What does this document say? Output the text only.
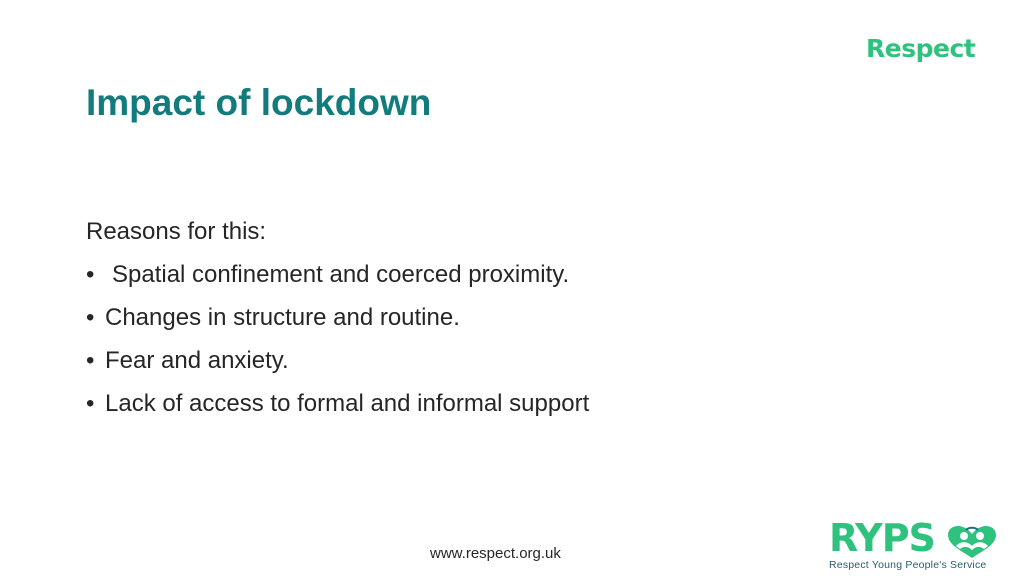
Respect
Impact of lockdown
Reasons for this:
• Spatial confinement and coerced proximity.
• Changes in structure and routine.
• Fear and anxiety.
• Lack of access to formal and informal support
www.respect.org.uk	RYPS
Respect Young People's Service
